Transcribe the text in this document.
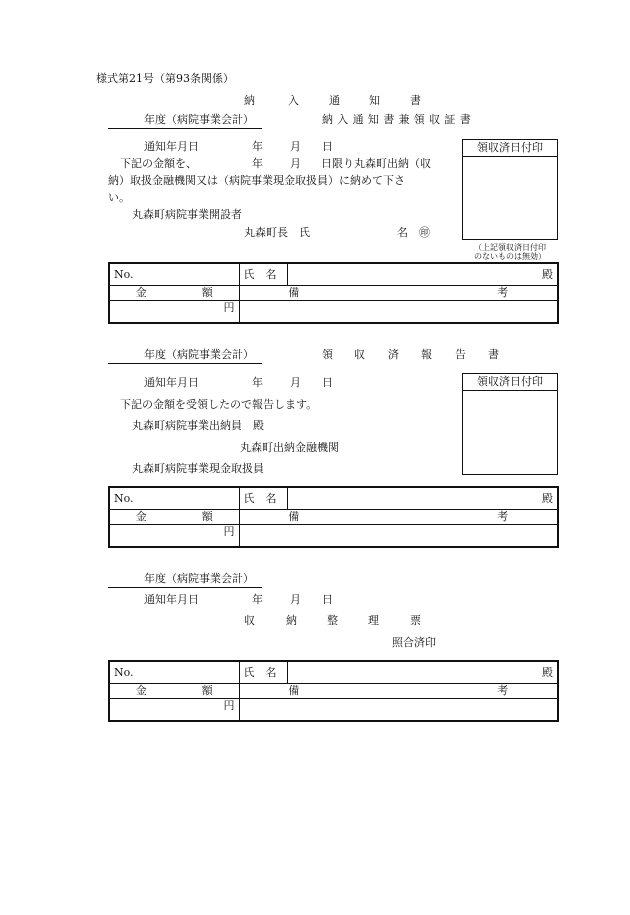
様式第21号（第93条関係）
納	入	通	知	書
年度（病院事業会計）	納入通知書兼領収証書
通知年月日	年 月 日
下記の金額を、	年 月 日限り丸森町出納（収
納）取扱金融機関又は（病院事業現金取扱員）に納めて下さ
い。
丸森町病院事業開設者
丸森町長　氏	名　㊞
領収済日付印
（上記領収済日付印
のないものは無効）
No.	氏　名	殿
金　　　　　額	備　　　　　　　　　　　　　　　　　　考	
円		
年度（病院事業会計）	領 収 済 報 告 書
通知年月日	年 月 日
下記の金額を受領したので報告します。
丸森町病院事業出納員　殿
丸森町出納金融機関
丸森町病院事業現金取扱員
領収済日付印
No.	氏　名	殿
金　　　　　額	備　　　　　　　　　　　　　　　　　　考	
円		
年度（病院事業会計）
通知年月日	年 月 日
収	納	整	理	票
照合済印
No.	氏　名	殿
金　　　　　額	備　　　　　　　　　　　　　　　　　　考	
円		
